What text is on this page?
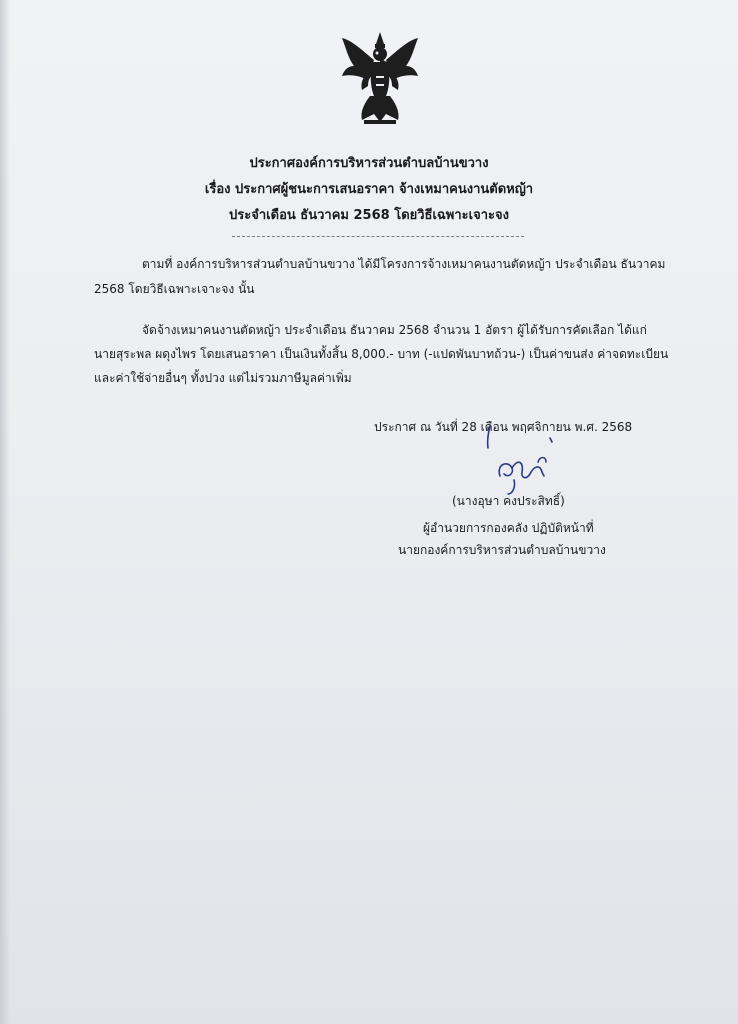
ประกาศองค์การบริหารส่วนตำบลบ้านขวาง
เรื่อง ประกาศผู้ชนะการเสนอราคา จ้างเหมาคนงานตัดหญ้า
ประจำเดือน ธันวาคม 2568 โดยวิธีเฉพาะเจาะจง
ตามที่ องค์การบริหารส่วนตำบลบ้านขวาง ได้มีโครงการจ้างเหมาคนงานตัดหญ้า ประจำเดือน ธันวาคม
2568 โดยวิธีเฉพาะเจาะจง นั้น
จัดจ้างเหมาคนงานตัดหญ้า ประจำเดือน ธันวาคม 2568 จำนวน 1 อัตรา ผู้ได้รับการคัดเลือก ได้แก่
นายสุระพล ผดุงไพร โดยเสนอราคา เป็นเงินทั้งสิ้น 8,000.- บาท (-แปดพันบาทถ้วน-) เป็นค่าขนส่ง ค่าจดทะเบียน
และค่าใช้จ่ายอื่นๆ ทั้งปวง แต่ไม่รวมภาษีมูลค่าเพิ่ม
ประกาศ ณ วันที่ 28 เดือน พฤศจิกายน พ.ศ. 2568
(นางอุษา คงประสิทธิ์)
ผู้อำนวยการกองคลัง ปฏิบัติหน้าที่
นายกองค์การบริหารส่วนตำบลบ้านขวาง
